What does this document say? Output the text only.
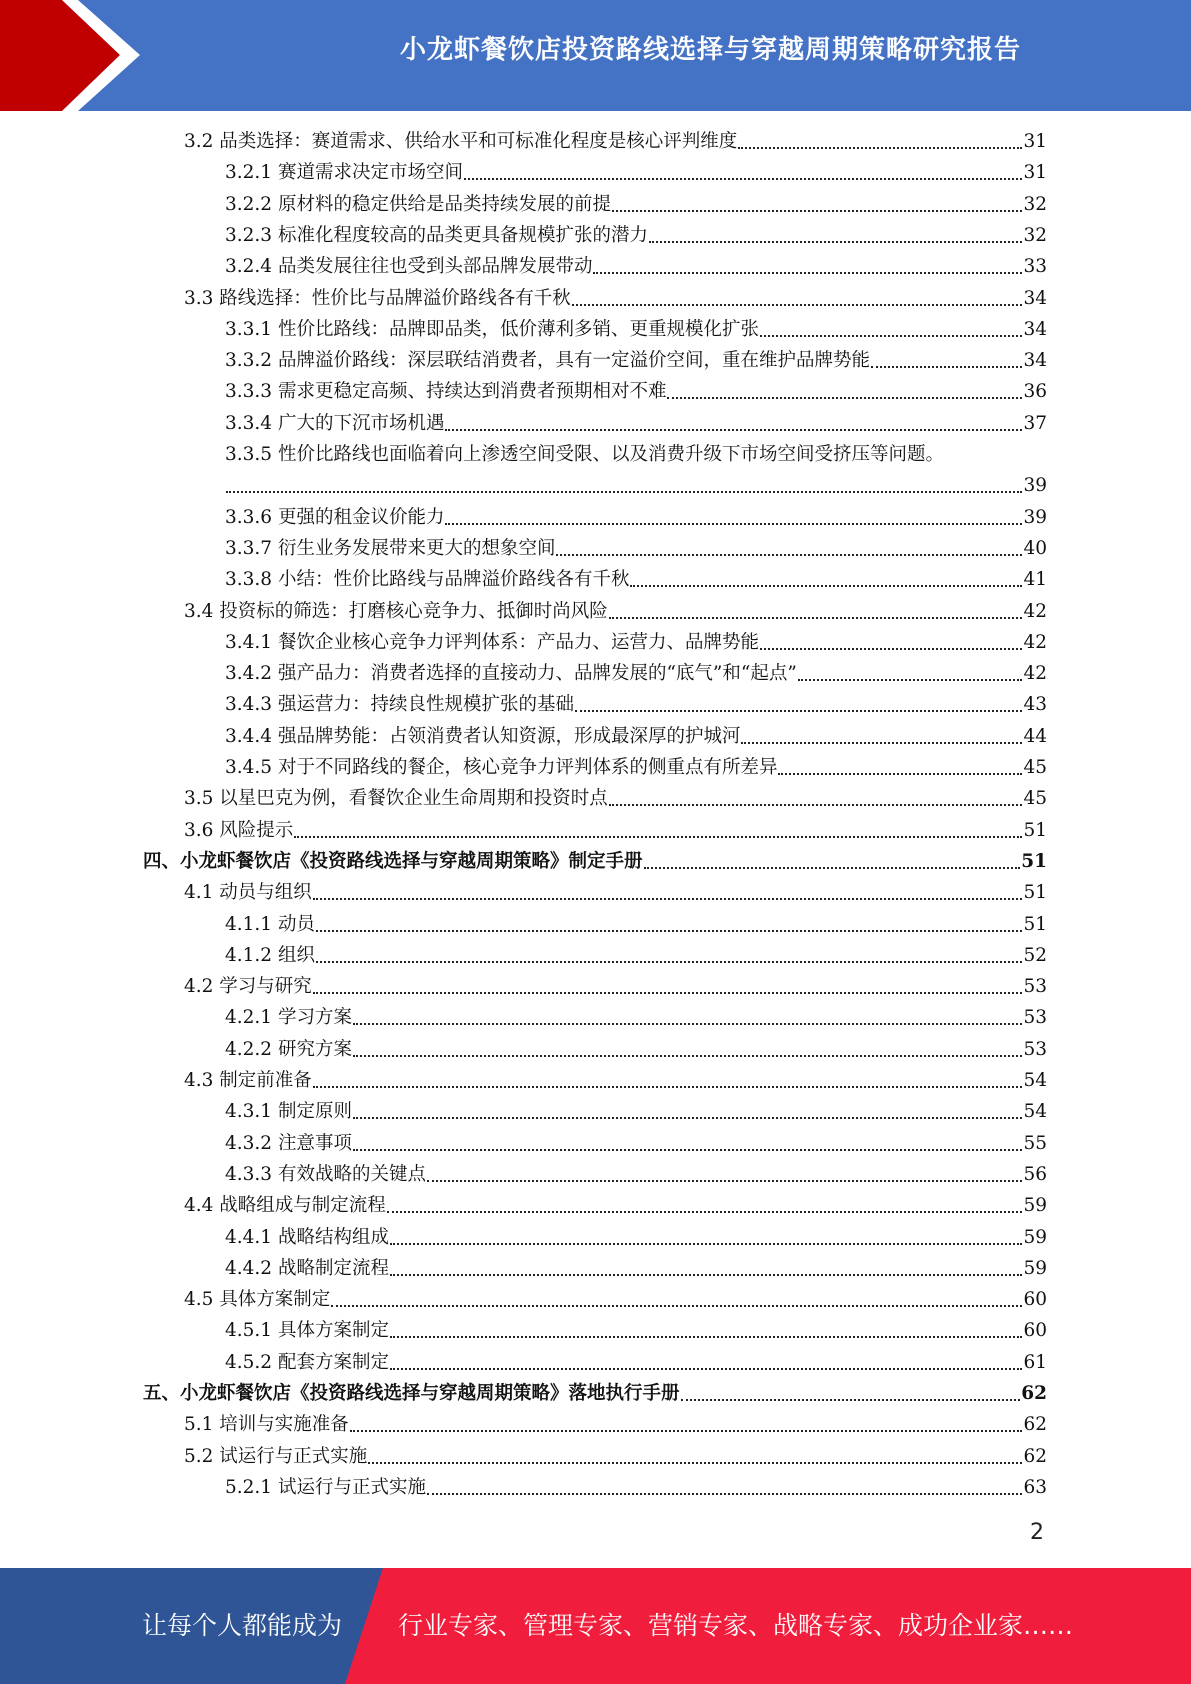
小龙虾餐饮店投资路线选择与穿越周期策略研究报告
3.2 品类选择：赛道需求、供给水平和可标准化程度是核心评判维度	31
3.2.1 赛道需求决定市场空间	31
3.2.2 原材料的稳定供给是品类持续发展的前提	32
3.2.3 标准化程度较高的品类更具备规模扩张的潜力	32
3.2.4 品类发展往往也受到头部品牌发展带动	33
3.3 路线选择：性价比与品牌溢价路线各有千秋	34
3.3.1 性价比路线：品牌即品类，低价薄利多销、更重规模化扩张	34
3.3.2 品牌溢价路线：深层联结消费者，具有一定溢价空间，重在维护品牌势能	34
3.3.3 需求更稳定高频、持续达到消费者预期相对不难	36
3.3.4 广大的下沉市场机遇	37
3.3.5 性价比路线也面临着向上渗透空间受限、以及消费升级下市场空间受挤压等问题。
39
3.3.6 更强的租金议价能力	39
3.3.7 衍生业务发展带来更大的想象空间	40
3.3.8 小结：性价比路线与品牌溢价路线各有千秋	41
3.4 投资标的筛选：打磨核心竞争力、抵御时尚风险	42
3.4.1 餐饮企业核心竞争力评判体系：产品力、运营力、品牌势能	42
3.4.2 强产品力：消费者选择的直接动力、品牌发展的“底气”和“起点”	42
3.4.3 强运营力：持续良性规模扩张的基础	43
3.4.4 强品牌势能：占领消费者认知资源，形成最深厚的护城河	44
3.4.5 对于不同路线的餐企，核心竞争力评判体系的侧重点有所差异	45
3.5 以星巴克为例，看餐饮企业生命周期和投资时点	45
3.6 风险提示	51
四、小龙虾餐饮店《投资路线选择与穿越周期策略》制定手册	51
4.1 动员与组织	51
4.1.1 动员	51
4.1.2 组织	52
4.2 学习与研究	53
4.2.1 学习方案	53
4.2.2 研究方案	53
4.3 制定前准备	54
4.3.1 制定原则	54
4.3.2 注意事项	55
4.3.3 有效战略的关键点	56
4.4 战略组成与制定流程	59
4.4.1 战略结构组成	59
4.4.2 战略制定流程	59
4.5 具体方案制定	60
4.5.1 具体方案制定	60
4.5.2 配套方案制定	61
五、小龙虾餐饮店《投资路线选择与穿越周期策略》落地执行手册	62
5.1 培训与实施准备	62
5.2 试运行与正式实施	62
5.2.1 试运行与正式实施	63
2
让每个人都能成为 行业专家、管理专家、营销专家、战略专家、成功企业家……
